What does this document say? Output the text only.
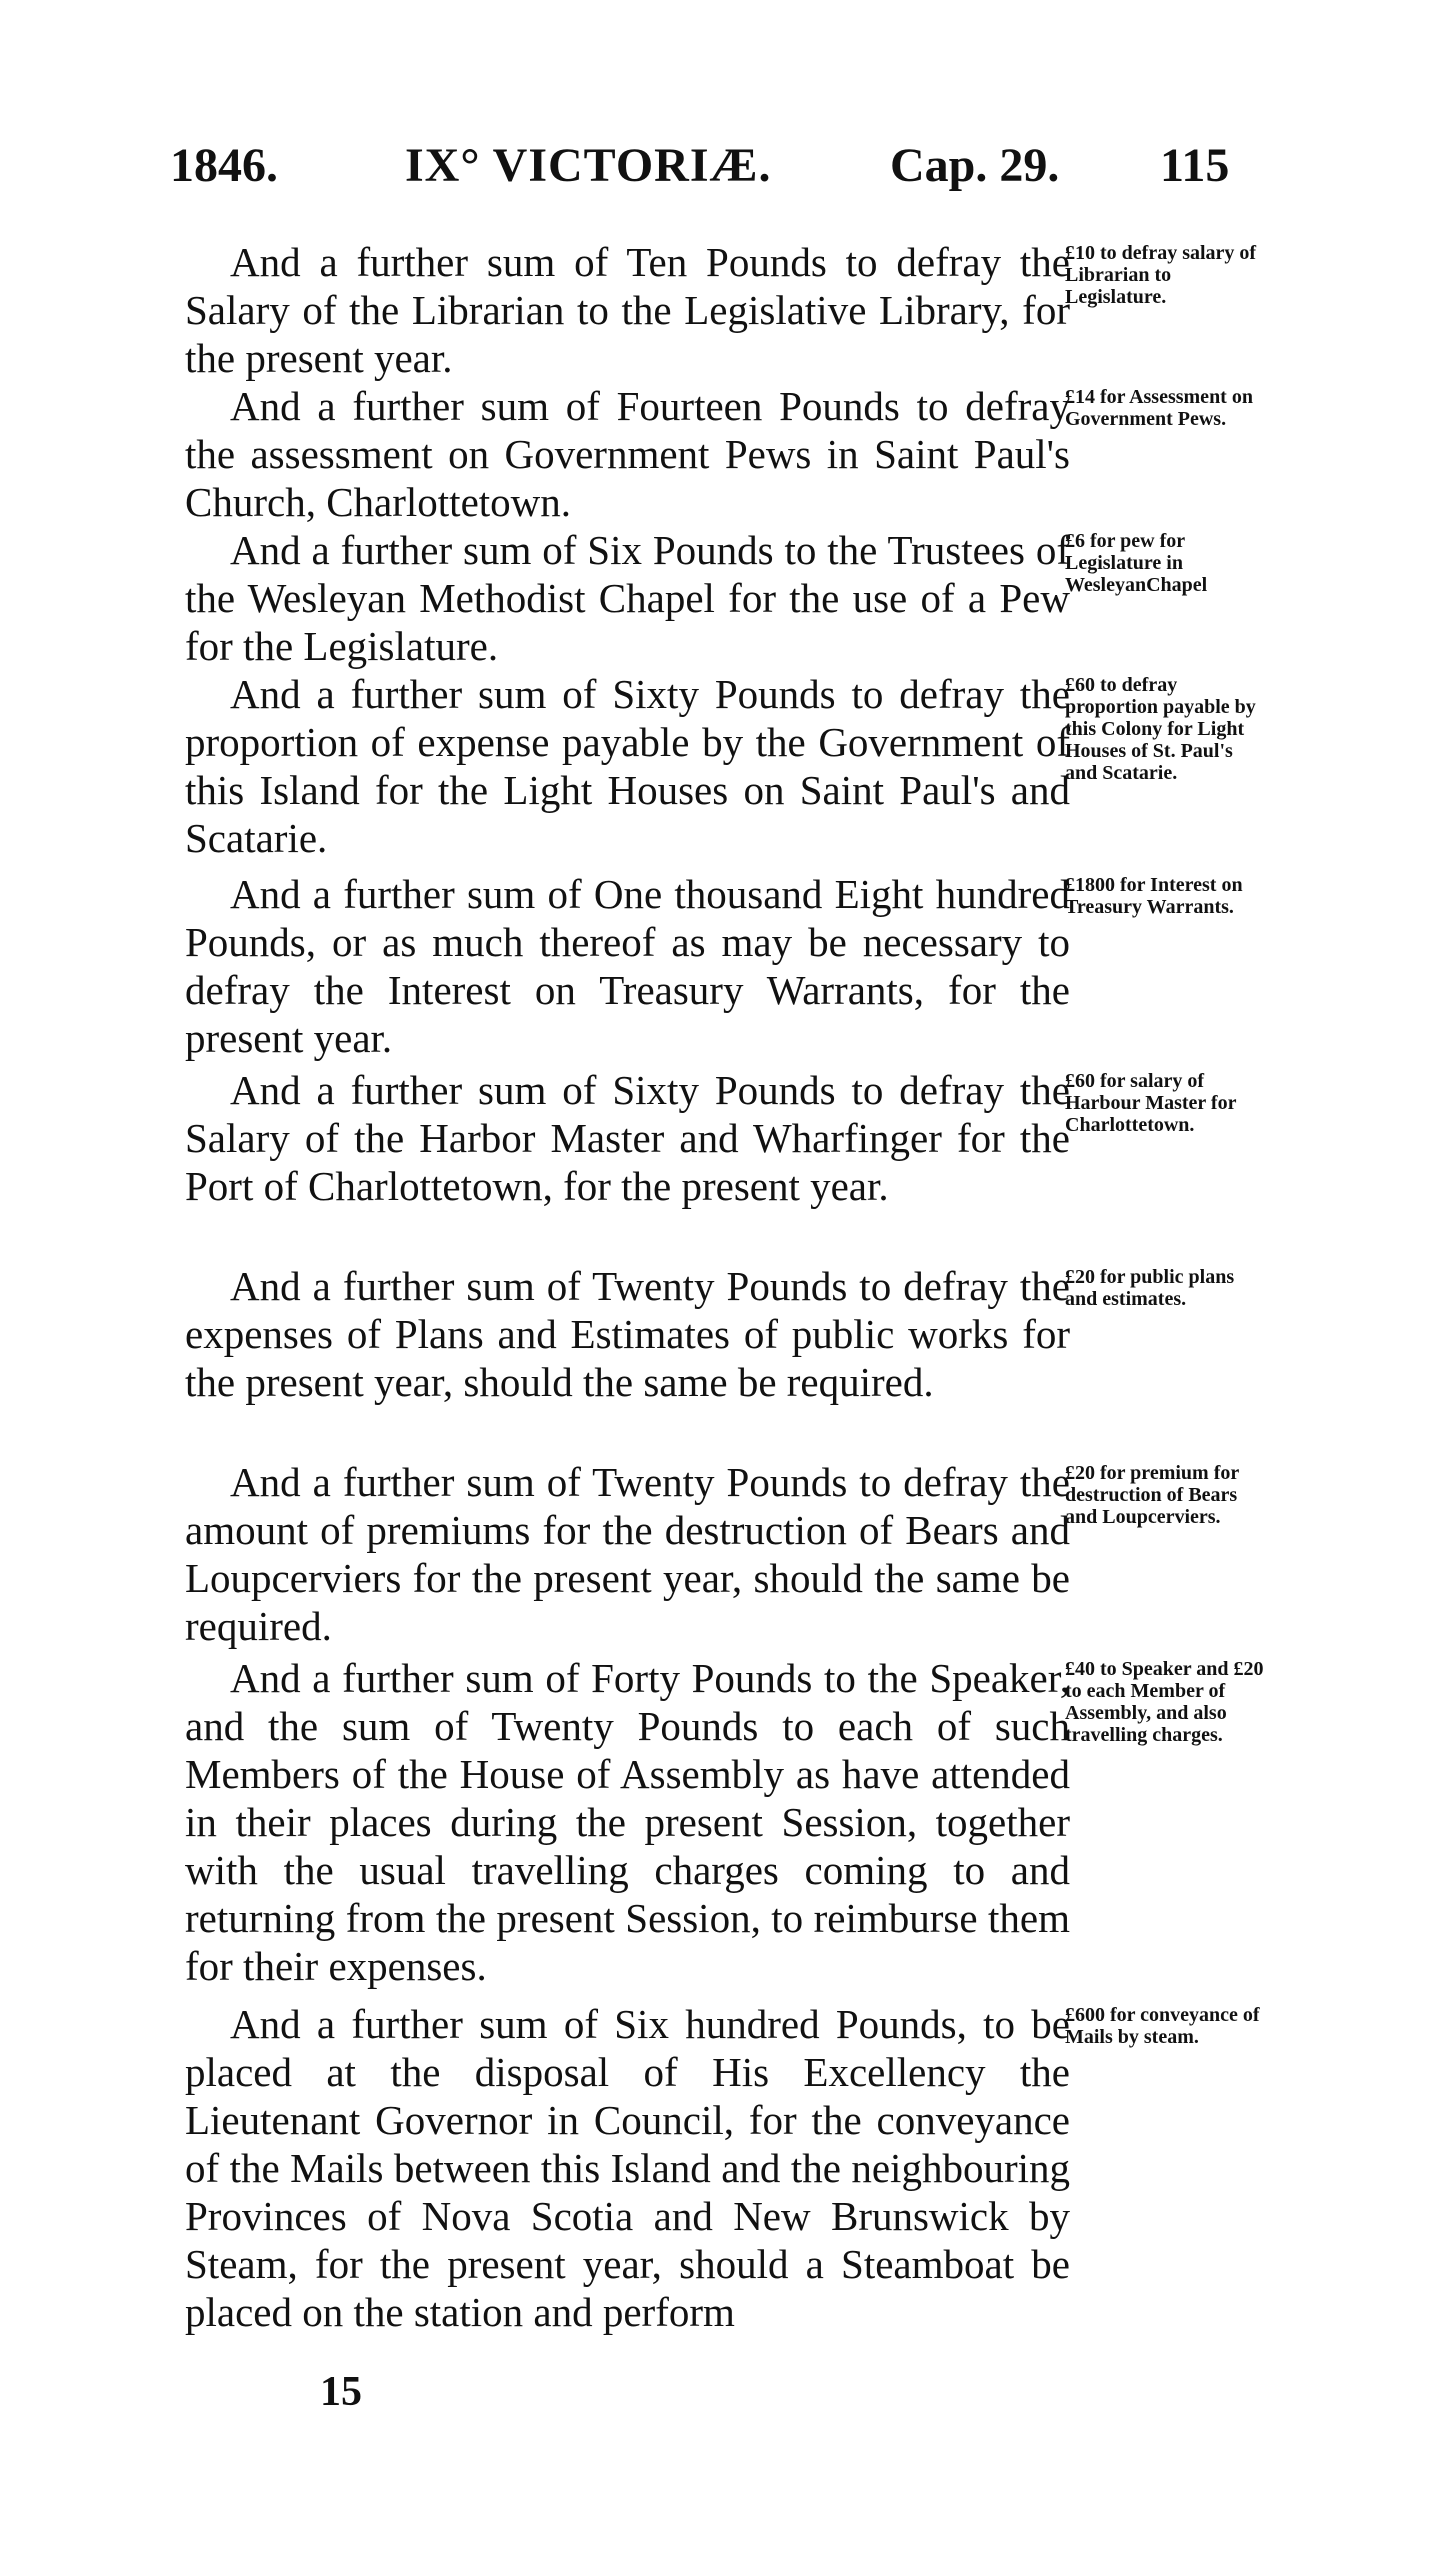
1846.	IX° VICTORIÆ. Cap. 29. 115

And a further sum of Ten Pounds to defray the Salary of the Librarian to the Legislative Library, for the present year.

£10 to defray salary of Librarian to Legislature.

And a further sum of Fourteen Pounds to defray the assessment on Government Pews in Saint Paul's Church, Charlottetown.

£14 for Assessment on Government Pews.

And a further sum of Six Pounds to the Trustees of the Wesleyan Methodist Chapel for the use of a Pew for the Legislature.

£6 for pew for Legislature in WesleyanChapel

And a further sum of Sixty Pounds to defray the proportion of expense payable by the Government of this Island for the Light Houses on Saint Paul's and Scatarie.

£60 to defray proportion payable by this Colony for Light Houses of St. Paul's and Scatarie.

And a further sum of One thousand Eight hundred Pounds, or as much thereof as may be necessary to defray the Interest on Treasury Warrants, for the present year.

£1800 for Interest on Treasury Warrants.

And a further sum of Sixty Pounds to defray the Salary of the Harbor Master and Wharfinger for the Port of Charlottetown, for the present year.

£60 for salary of Harbour Master for Charlottetown.

And a further sum of Twenty Pounds to defray the expenses of Plans and Estimates of public works for the present year, should the same be required.

£20 for public plans and estimates.

And a further sum of Twenty Pounds to defray the amount of premiums for the destruction of Bears and Loupcerviers for the present year, should the same be required.

£20 for premium for destruction of Bears and Loupcerviers.

And a further sum of Forty Pounds to the Speaker, and the sum of Twenty Pounds to each of such Members of the House of Assembly as have attended in their places during the present Session, together with the usual travelling charges coming to and returning from the present Session, to reimburse them for their expenses.

£40 to Speaker and £20 to each Member of Assembly, and also travelling charges.

And a further sum of Six hundred Pounds, to be placed at the disposal of His Excellency the Lieutenant Governor in Council, for the conveyance of the Mails between this Island and the neighbouring Provinces of Nova Scotia and New Brunswick by Steam, for the present year, should a Steamboat be placed on the station and perform

£600 for conveyance of Mails by steam.

15
